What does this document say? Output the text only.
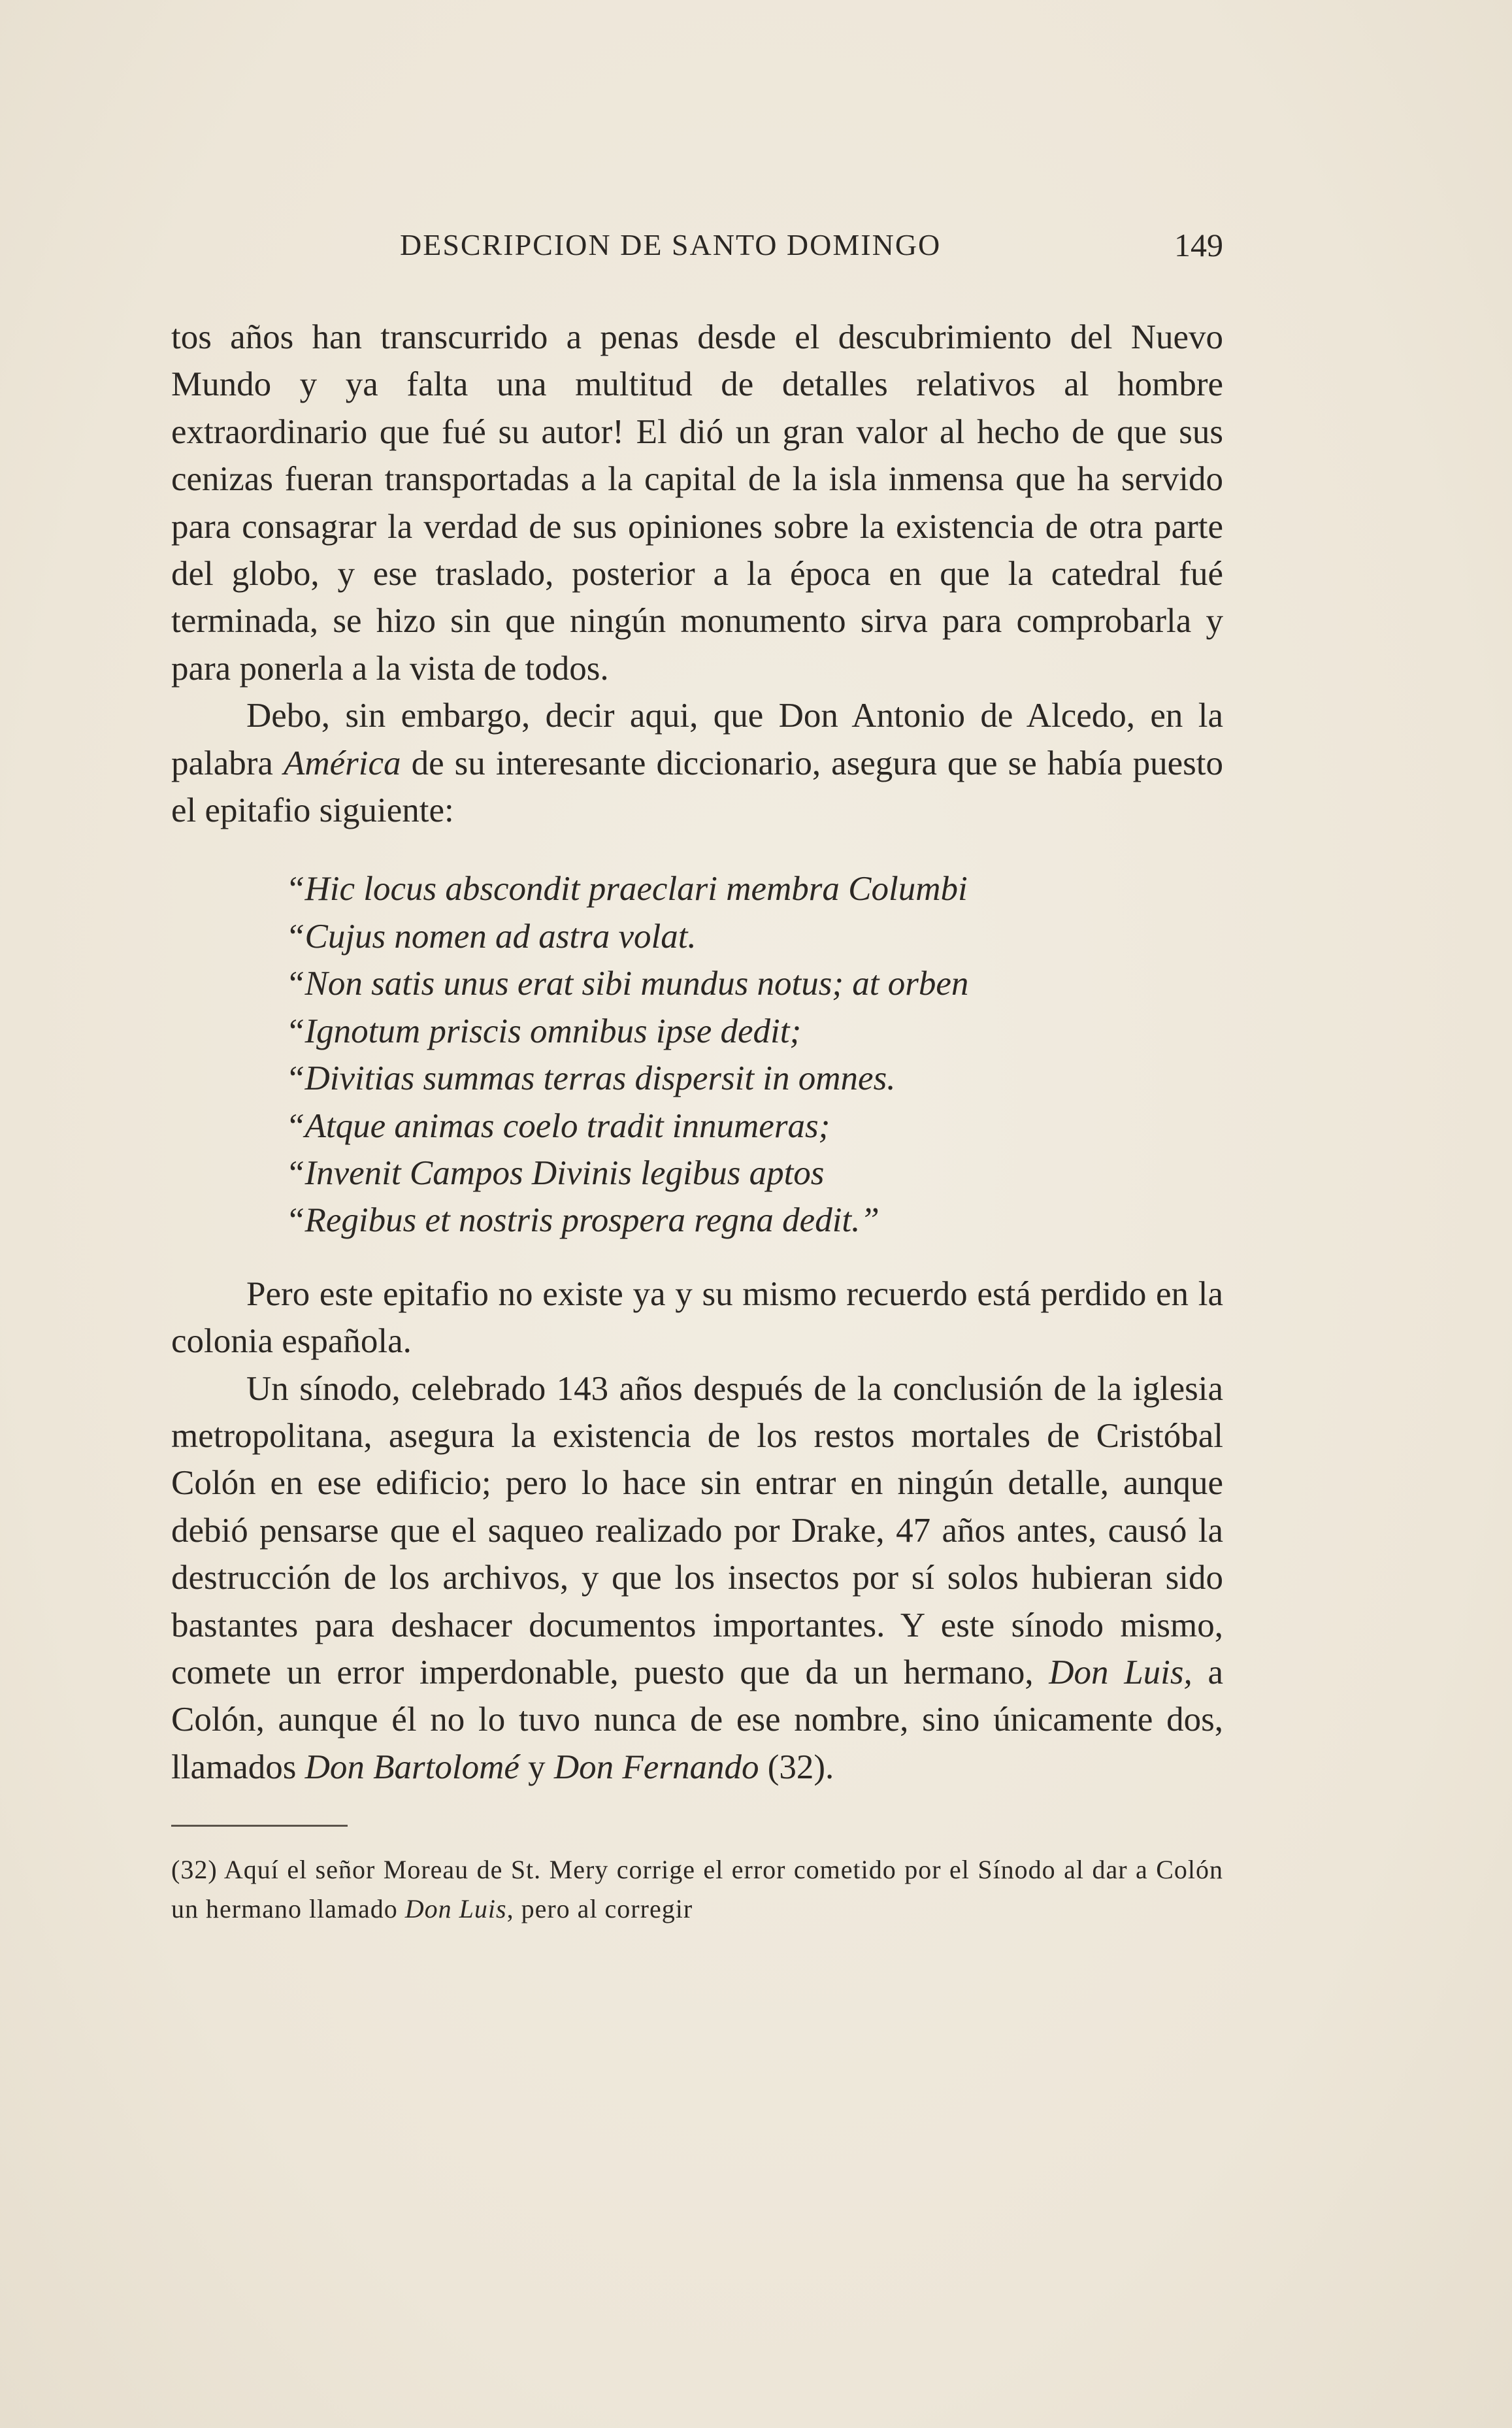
DESCRIPCION DE SANTO DOMINGO	149

tos años han transcurrido a penas desde el descubrimiento del Nuevo Mundo y ya falta una multitud de detalles relativos al hombre extraordinario que fué su autor! El dió un gran valor al hecho de que sus cenizas fueran transportadas a la capital de la isla inmensa que ha servido para consagrar la verdad de sus opiniones sobre la existencia de otra parte del globo, y ese traslado, posterior a la época en que la catedral fué terminada, se hizo sin que ningún monumento sirva para comprobarla y para ponerla a la vista de todos.

Debo, sin embargo, decir aqui, que Don Antonio de Alcedo, en la palabra América de su interesante diccionario, asegura que se había puesto el epitafio siguiente:

“Hic locus abscondit praeclari membra Columbi
“Cujus nomen ad astra volat.
“Non satis unus erat sibi mundus notus; at orben
“Ignotum priscis omnibus ipse dedit;
“Divitias summas terras dispersit in omnes.
“Atque animas coelo tradit innumeras;
“Invenit Campos Divinis legibus aptos
“Regibus et nostris prospera regna dedit.”

Pero este epitafio no existe ya y su mismo recuerdo está perdido en la colonia española.

Un sínodo, celebrado 143 años después de la conclusión de la iglesia metropolitana, asegura la existencia de los restos mortales de Cristóbal Colón en ese edificio; pero lo hace sin entrar en ningún detalle, aunque debió pensarse que el saqueo realizado por Drake, 47 años antes, causó la destrucción de los archivos, y que los insectos por sí solos hubieran sido bastantes para deshacer documentos importantes. Y este sínodo mismo, comete un error imperdonable, puesto que da un hermano, Don Luis, a Colón, aunque él no lo tuvo nunca de ese nombre, sino únicamente dos, llamados Don Bartolomé y Don Fernando (32).

(32) Aquí el señor Moreau de St. Mery corrige el error cometido por el Sínodo al dar a Colón un hermano llamado Don Luis, pero al corregir
